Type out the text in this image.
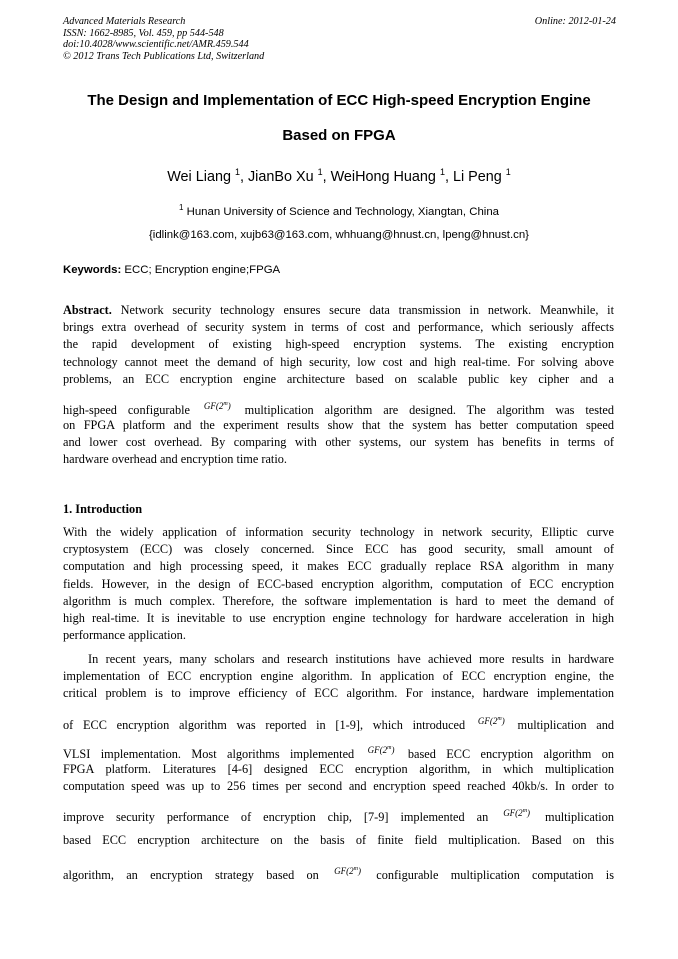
Advanced Materials Research
ISSN: 1662-8985, Vol. 459, pp 544-548
doi:10.4028/www.scientific.net/AMR.459.544
© 2012 Trans Tech Publications Ltd, Switzerland
Online: 2012-01-24
The Design and Implementation of ECC High-speed Encryption Engine
Based on FPGA
Wei Liang $^1$, JianBo Xu $^1$, WeiHong Huang $^1$, Li Peng $^1$
$^1$ Hunan University of Science and Technology, Xiangtan, China
{idlink@163.com, xujb63@163.com, whhuang@hnust.cn, lpeng@hnust.cn}
Keywords: ECC; Encryption engine;FPGA
Abstract. Network security technology ensures secure data transmission in network. Meanwhile, it
brings extra overhead of security system in terms of cost and performance, which seriously affects
the rapid development of existing high-speed encryption systems. The existing encryption
technology cannot meet the demand of high security, low cost and high real-time. For solving above
problems, an ECC encryption engine architecture based on scalable public key cipher and a
high-speed configurable GF(2$^m$) multiplication algorithm are designed. The algorithm was tested
on FPGA platform and the experiment results show that the system has better computation speed
and lower cost overhead. By comparing with other systems, our system has benefits in terms of
hardware overhead and encryption time ratio.
1. Introduction
With the widely application of information security technology in network security, Elliptic curve
cryptosystem (ECC) was closely concerned. Since ECC has good security, small amount of
computation and high processing speed, it makes ECC gradually replace RSA algorithm in many
fields. However, in the design of ECC-based encryption algorithm, computation of ECC encryption
algorithm is much complex. Therefore, the software implementation is hard to meet the demand of
high real-time. It is inevitable to use encryption engine technology for hardware acceleration in high
performance application.
In recent years, many scholars and research institutions have achieved more results in hardware
implementation of ECC encryption engine algorithm. In application of ECC encryption engine, the
critical problem is to improve efficiency of ECC algorithm. For instance, hardware implementation
of ECC encryption algorithm was reported in [1-9], which introduced GF(2$^m$) multiplication and
VLSI implementation. Most algorithms implemented GF(2$^m$) based ECC encryption algorithm on
FPGA platform. Literatures [4-6] designed ECC encryption algorithm, in which multiplication
computation speed was up to 256 times per second and encryption speed reached 40kb/s. In order to
improve security performance of encryption chip, [7-9] implemented an GF(2$^m$) multiplication
based ECC encryption architecture on the basis of finite field multiplication. Based on this
algorithm, an encryption strategy based on GF(2$^m$) configurable multiplication computation is
